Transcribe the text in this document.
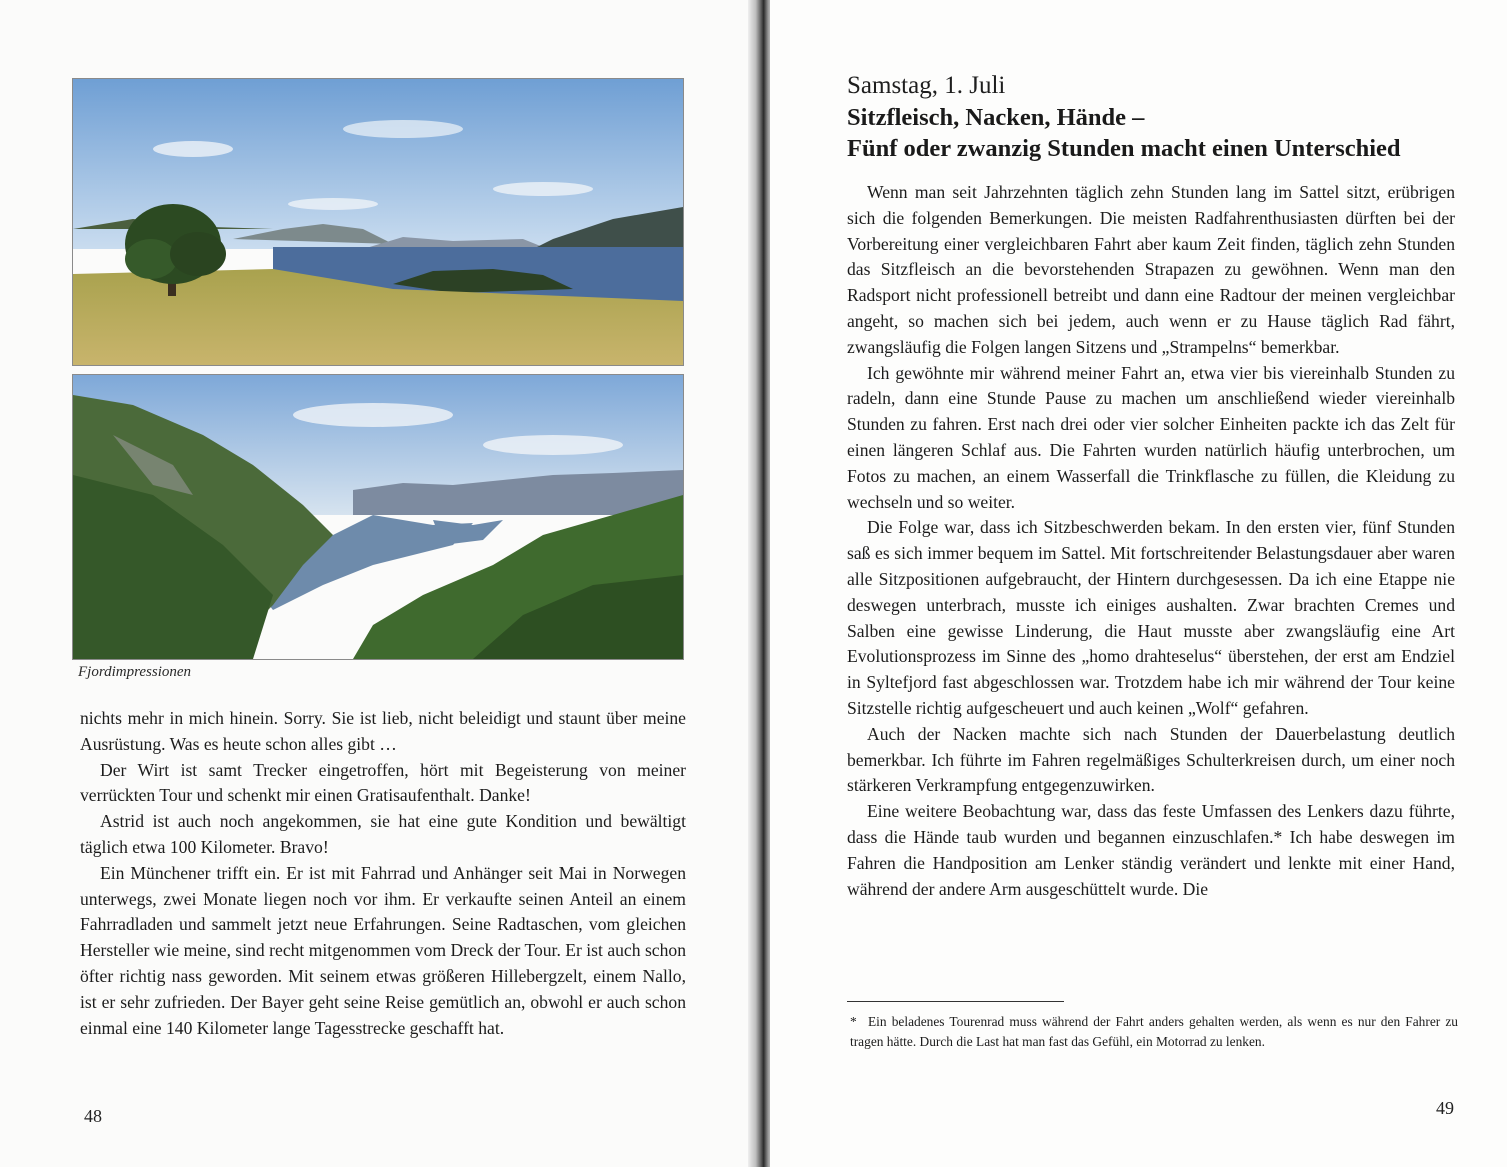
Fjordimpressionen

nichts mehr in mich hinein. Sorry. Sie ist lieb, nicht beleidigt und staunt über meine Ausrüstung. Was es heute schon alles gibt …

Der Wirt ist samt Trecker eingetroffen, hört mit Begeisterung von meiner verrückten Tour und schenkt mir einen Gratisaufenthalt. Danke!

Astrid ist auch noch angekommen, sie hat eine gute Kondition und bewältigt täglich etwa 100 Kilometer. Bravo!

Ein Münchener trifft ein. Er ist mit Fahrrad und Anhänger seit Mai in Norwegen unterwegs, zwei Monate liegen noch vor ihm. Er verkaufte seinen Anteil an einem Fahrradladen und sammelt jetzt neue Erfahrungen. Seine Radtaschen, vom gleichen Hersteller wie meine, sind recht mitgenommen vom Dreck der Tour. Er ist auch schon öfter richtig nass geworden. Mit seinem etwas größeren Hillebergzelt, einem Nallo, ist er sehr zufrieden. Der Bayer geht seine Reise gemütlich an, obwohl er auch schon einmal eine 140 Kilometer lange Tagesstrecke geschafft hat.

48
Samstag, 1. Juli
Sitzfleisch, Nacken, Hände –
Fünf oder zwanzig Stunden macht einen Unterschied

Wenn man seit Jahrzehnten täglich zehn Stunden lang im Sattel sitzt, erübrigen sich die folgenden Bemerkungen. Die meisten Radfahrenthusiasten dürften bei der Vorbereitung einer vergleichbaren Fahrt aber kaum Zeit finden, täglich zehn Stunden das Sitzfleisch an die bevorstehenden Strapazen zu gewöhnen. Wenn man den Radsport nicht professionell betreibt und dann eine Radtour der meinen vergleichbar angeht, so machen sich bei jedem, auch wenn er zu Hause täglich Rad fährt, zwangsläufig die Folgen langen Sitzens und „Strampelns“ bemerkbar.

Ich gewöhnte mir während meiner Fahrt an, etwa vier bis viereinhalb Stunden zu radeln, dann eine Stunde Pause zu machen um anschließend wieder viereinhalb Stunden zu fahren. Erst nach drei oder vier solcher Einheiten packte ich das Zelt für einen längeren Schlaf aus. Die Fahrten wurden natürlich häufig unterbrochen, um Fotos zu machen, an einem Wasserfall die Trinkflasche zu füllen, die Kleidung zu wechseln und so weiter.

Die Folge war, dass ich Sitzbeschwerden bekam. In den ersten vier, fünf Stunden saß es sich immer bequem im Sattel. Mit fortschreitender Belastungsdauer aber waren alle Sitzpositionen aufgebraucht, der Hintern durchgesessen. Da ich eine Etappe nie deswegen unterbrach, musste ich einiges aushalten. Zwar brachten Cremes und Salben eine gewisse Linderung, die Haut musste aber zwangsläufig eine Art Evolutionsprozess im Sinne des „homo drahteselus“ überstehen, der erst am Endziel in Syltefjord fast abgeschlossen war. Trotzdem habe ich mir während der Tour keine Sitzstelle richtig aufgescheuert und auch keinen „Wolf“ gefahren.

Auch der Nacken machte sich nach Stunden der Dauerbelastung deutlich bemerkbar. Ich führte im Fahren regelmäßiges Schulterkreisen durch, um einer noch stärkeren Verkrampfung entgegenzuwirken.

Eine weitere Beobachtung war, dass das feste Umfassen des Lenkers dazu führte, dass die Hände taub wurden und begannen einzuschlafen.* Ich habe deswegen im Fahren die Handposition am Lenker ständig verändert und lenkte mit einer Hand, während der andere Arm ausgeschüttelt wurde. Die

* Ein beladenes Tourenrad muss während der Fahrt anders gehalten werden, als wenn es nur den Fahrer zu tragen hätte. Durch die Last hat man fast das Gefühl, ein Motorrad zu lenken.
49
